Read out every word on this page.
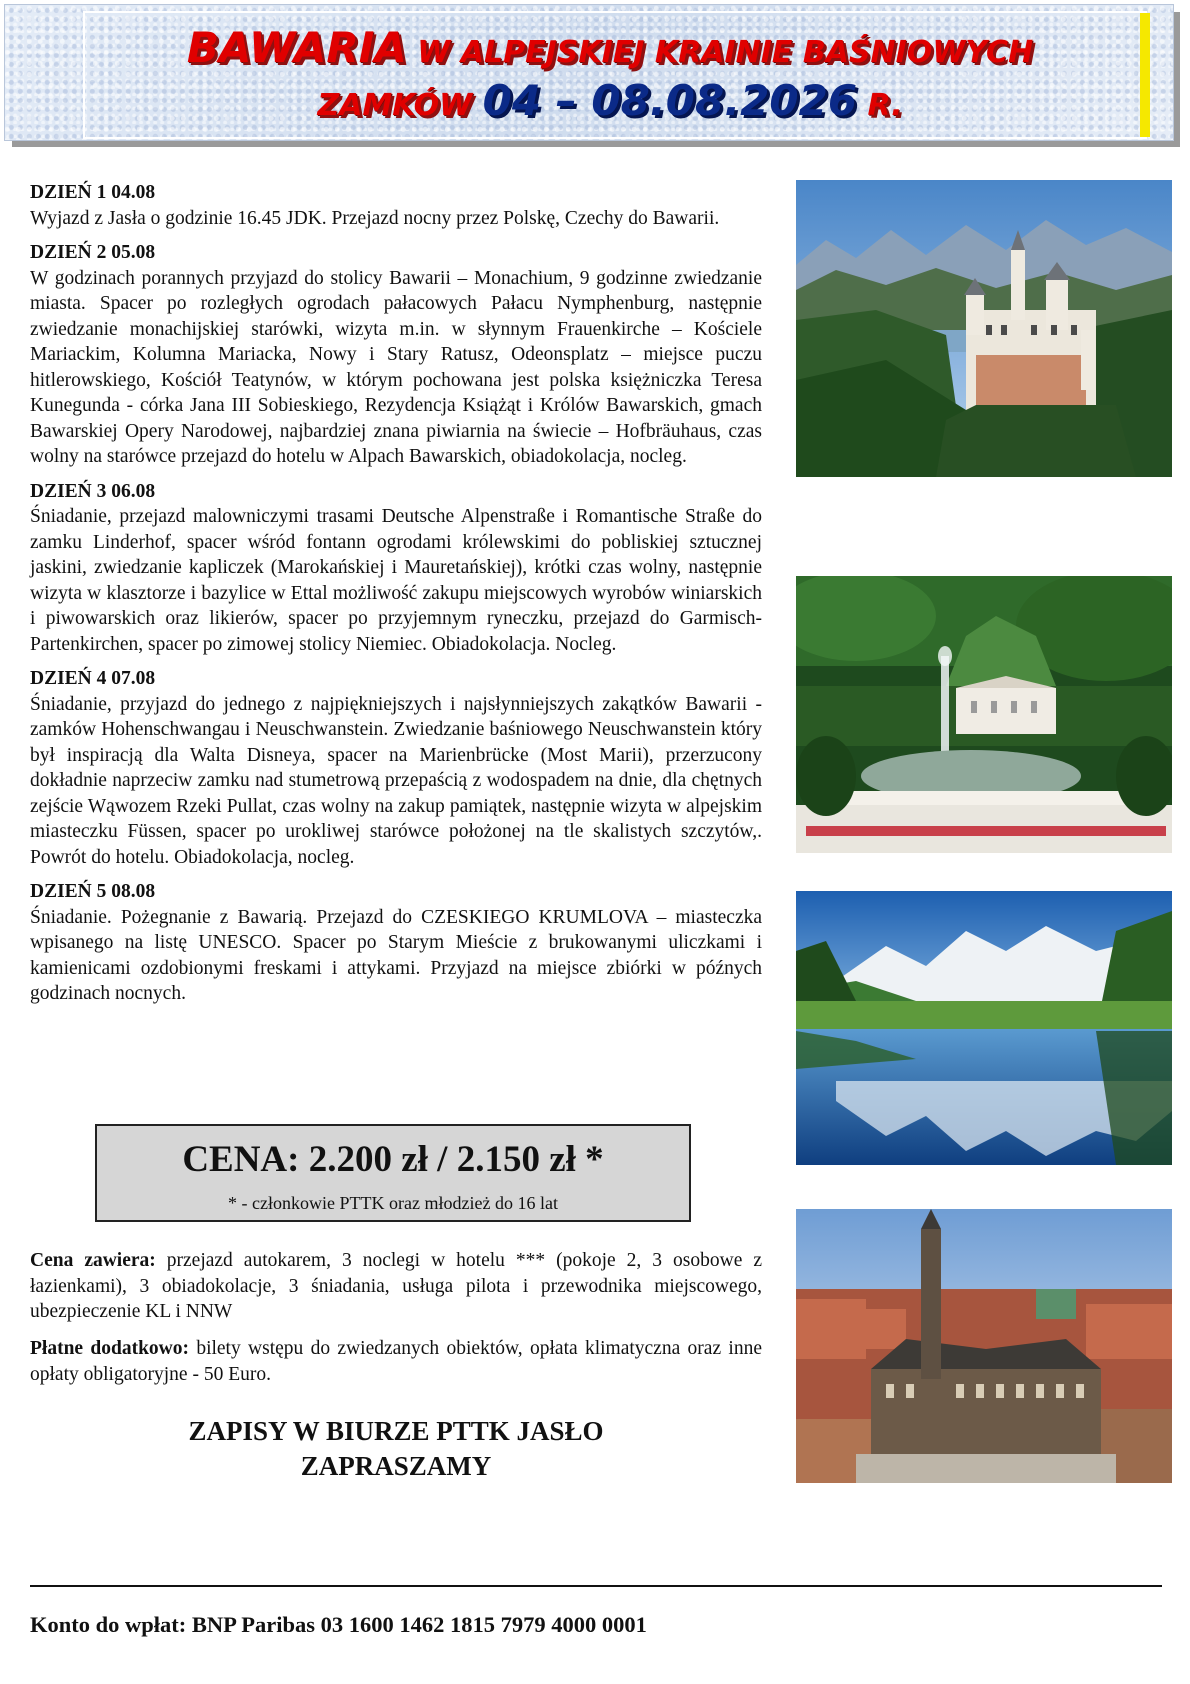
BAWARIA W ALPEJSKIEJ KRAINIE BAŚNIOWYCH
ZAMKÓW 04 – 08.08.2026 R.
DZIEŃ 1 04.08
Wyjazd z Jasła o godzinie 16.45 JDK. Przejazd nocny przez Polskę, Czechy do Bawarii.
DZIEŃ 2 05.08
W godzinach porannych przyjazd do stolicy Bawarii – Monachium, 9 godzinne zwiedzanie miasta. Spacer po rozległych ogrodach pałacowych Pałacu Nymphenburg, następnie zwiedzanie monachijskiej starówki, wizyta m.in. w słynnym Frauenkirche – Kościele Mariackim, Kolumna Mariacka, Nowy i Stary Ratusz, Odeonsplatz – miejsce puczu hitlerowskiego, Kościół Teatynów, w którym pochowana jest polska księżniczka Teresa Kunegunda - córka Jana III Sobieskiego, Rezydencja Książąt i Królów Bawarskich, gmach Bawarskiej Opery Narodowej, najbardziej znana piwiarnia na świecie – Hofbräuhaus, czas wolny na starówce przejazd do hotelu w Alpach Bawarskich, obiadokolacja, nocleg.
DZIEŃ 3 06.08
Śniadanie, przejazd malowniczymi trasami Deutsche Alpenstraße i Romantische Straße do zamku Linderhof, spacer wśród fontann ogrodami królewskimi do pobliskiej sztucznej jaskini, zwiedzanie kapliczek (Marokańskiej i Mauretańskiej), krótki czas wolny, następnie wizyta w klasztorze i bazylice w Ettal możliwość zakupu miejscowych wyrobów winiarskich i piwowarskich oraz likierów, spacer po przyjemnym ryneczku, przejazd do Garmisch-Partenkirchen, spacer po zimowej stolicy Niemiec. Obiadokolacja. Nocleg.
DZIEŃ 4 07.08
Śniadanie, przyjazd do jednego z najpiękniejszych i najsłynniejszych zakątków Bawarii - zamków Hohenschwangau i Neuschwanstein. Zwiedzanie baśniowego Neuschwanstein który był inspiracją dla Walta Disneya, spacer na Marienbrücke (Most Marii), przerzucony dokładnie naprzeciw zamku nad stumetrową przepaścią z wodospadem na dnie, dla chętnych zejście Wąwozem Rzeki Pullat, czas wolny na zakup pamiątek, następnie wizyta w alpejskim miasteczku Füssen, spacer po urokliwej starówce położonej na tle skalistych szczytów,. Powrót do hotelu. Obiadokolacja, nocleg.
DZIEŃ 5 08.08
Śniadanie. Pożegnanie z Bawarią. Przejazd do CZESKIEGO KRUMLOVA – miasteczka wpisanego na listę UNESCO. Spacer po Starym Mieście z brukowanymi uliczkami i kamienicami ozdobionymi freskami i attykami. Przyjazd na miejsce zbiórki w późnych godzinach nocnych.
CENA: 2.200 zł / 2.150 zł *
* - członkowie PTTK oraz młodzież do 16 lat
Cena zawiera: przejazd autokarem, 3 noclegi w hotelu *** (pokoje 2, 3 osobowe z łazienkami), 3 obiadokolacje, 3 śniadania, usługa pilota i przewodnika miejscowego, ubezpieczenie KL i NNW
Płatne dodatkowo: bilety wstępu do zwiedzanych obiektów, opłata klimatyczna oraz inne opłaty obligatoryjne - 50 Euro.
ZAPISY W BIURZE PTTK JASŁO
ZAPRASZAMY
Konto do wpłat: BNP Paribas 03 1600 1462 1815 7979 4000 0001
